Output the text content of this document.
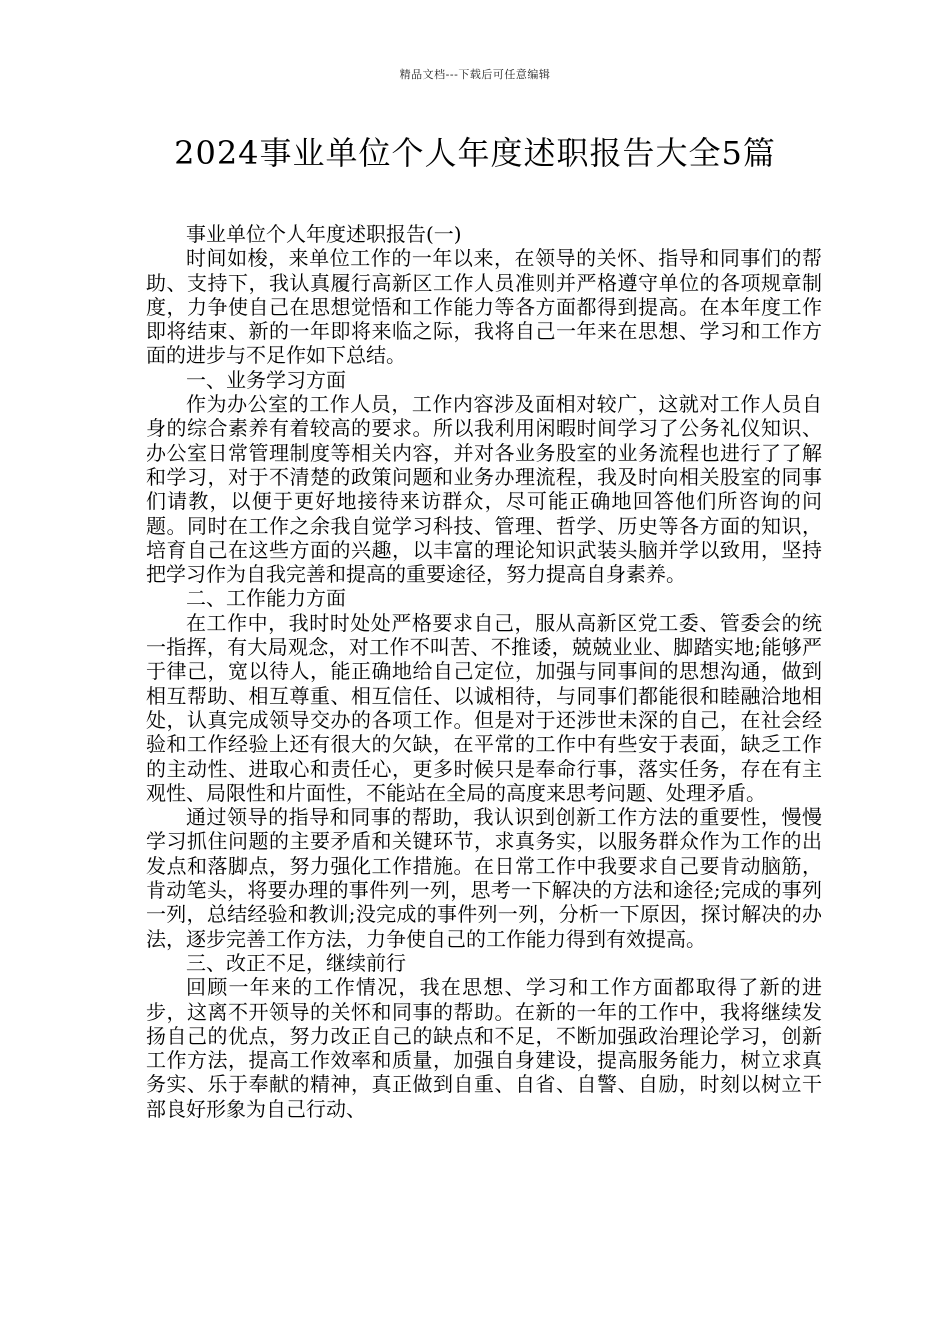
精品文档---下载后可任意编辑
2024事业单位个人年度述职报告大全5篇

事业单位个人年度述职报告(一)

时间如梭，来单位工作的一年以来，在领导的关怀、指导和同事们的帮助、支持下，我认真履行高新区工作人员准则并严格遵守单位的各项规章制度，力争使自己在思想觉悟和工作能力等各方面都得到提高。在本年度工作即将结束、新的一年即将来临之际，我将自己一年来在思想、学习和工作方面的进步与不足作如下总结。

一、业务学习方面

作为办公室的工作人员，工作内容涉及面相对较广，这就对工作人员自身的综合素养有着较高的要求。所以我利用闲暇时间学习了公务礼仪知识、办公室日常管理制度等相关内容，并对各业务股室的业务流程也进行了了解和学习，对于不清楚的政策问题和业务办理流程，我及时向相关股室的同事们请教，以便于更好地接待来访群众，尽可能正确地回答他们所咨询的问题。同时在工作之余我自觉学习科技、管理、哲学、历史等各方面的知识，培育自己在这些方面的兴趣，以丰富的理论知识武装头脑并学以致用，坚持把学习作为自我完善和提高的重要途径，努力提高自身素养。

二、工作能力方面

在工作中，我时时处处严格要求自己，服从高新区党工委、管委会的统一指挥，有大局观念，对工作不叫苦、不推诿，兢兢业业、脚踏实地;能够严于律己，宽以待人，能正确地给自己定位，加强与同事间的思想沟通，做到相互帮助、相互尊重、相互信任、以诚相待，与同事们都能很和睦融洽地相处，认真完成领导交办的各项工作。但是对于还涉世未深的自己，在社会经验和工作经验上还有很大的欠缺，在平常的工作中有些安于表面，缺乏工作的主动性、进取心和责任心，更多时候只是奉命行事，落实任务，存在有主观性、局限性和片面性，不能站在全局的高度来思考问题、处理矛盾。

通过领导的指导和同事的帮助，我认识到创新工作方法的重要性，慢慢学习抓住问题的主要矛盾和关键环节，求真务实，以服务群众作为工作的出发点和落脚点，努力强化工作措施。在日常工作中我要求自己要肯动脑筋，肯动笔头，将要办理的事件列一列，思考一下解决的方法和途径;完成的事列一列，总结经验和教训;没完成的事件列一列，分析一下原因，探讨解决的办法，逐步完善工作方法，力争使自己的工作能力得到有效提高。

三、改正不足，继续前行

回顾一年来的工作情况，我在思想、学习和工作方面都取得了新的进步，这离不开领导的关怀和同事的帮助。在新的一年的工作中，我将继续发扬自己的优点，努力改正自己的缺点和不足，不断加强政治理论学习，创新工作方法，提高工作效率和质量，加强自身建设，提高服务能力，树立求真务实、乐于奉献的精神，真正做到自重、自省、自警、自励，时刻以树立干部良好形象为自己行动、
